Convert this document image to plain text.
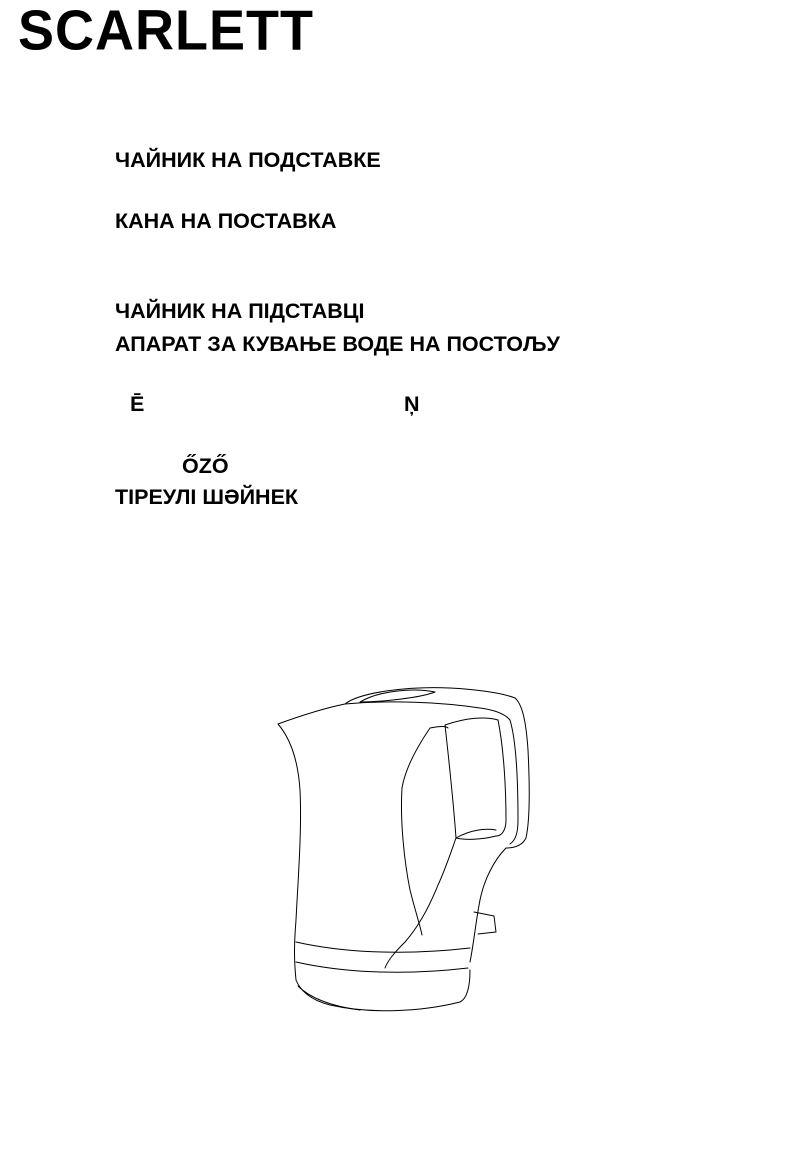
SCARLETT
ЧАЙНИК НА ПОДСТАВКЕ
КАНА НА ПОСТАВКА
ЧАЙНИК НА ПІДСТАВЦІ
АПАРАТ ЗА КУВАЊЕ ВОДЕ НА ПОСТОЉУ
Ē	Ņ
ŐZŐ
ТІРЕУЛІ ШӘЙНЕК
